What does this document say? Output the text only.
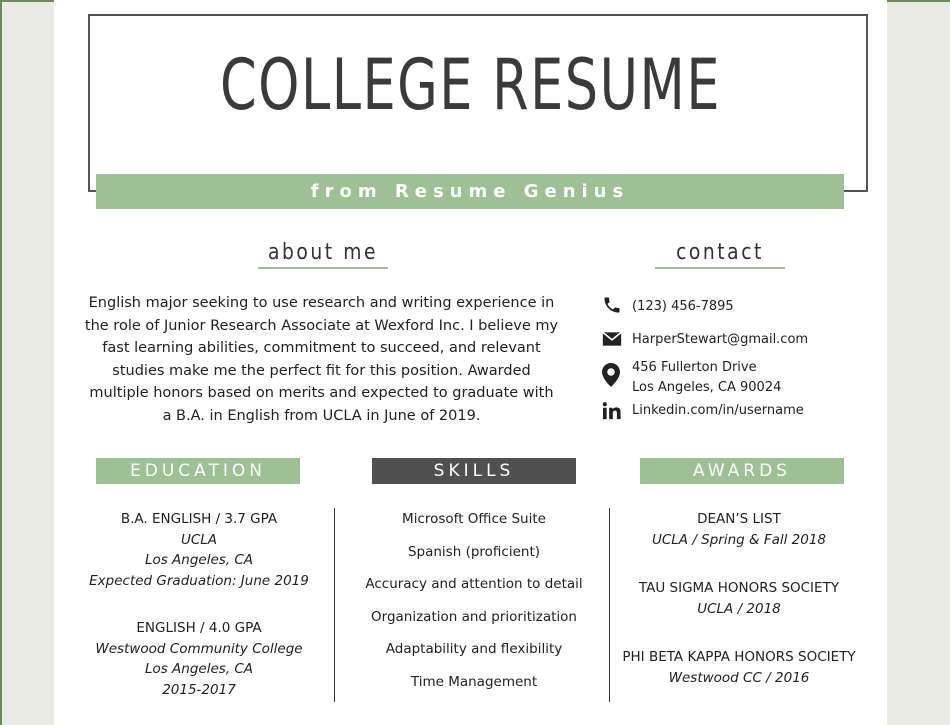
COLLEGE RESUME
from Resume Genius
about me
English major seeking to use research and writing experience in the role of Junior Research Associate at Wexford Inc. I believe my fast learning abilities, commitment to succeed, and relevant studies make me the perfect fit for this position. Awarded multiple honors based on merits and expected to graduate with a B.A. in English from UCLA in June of 2019.
contact
(123) 456-7895
HarperStewart@gmail.com
456 Fullerton Drive
Los Angeles, CA 90024
Linkedin.com/in/username
EDUCATION	SKILLS	AWARDS
B.A. ENGLISH / 3.7 GPA
UCLA
Los Angeles, CA
Expected Graduation: June 2019
ENGLISH / 4.0 GPA
Westwood Community College
Los Angeles, CA
2015-2017
Microsoft Office Suite
Spanish (proficient)
Accuracy and attention to detail
Organization and prioritization
Adaptability and flexibility
Time Management
DEAN’S LIST
UCLA / Spring & Fall 2018
TAU SIGMA HONORS SOCIETY
UCLA / 2018
PHI BETA KAPPA HONORS SOCIETY
Westwood CC / 2016
